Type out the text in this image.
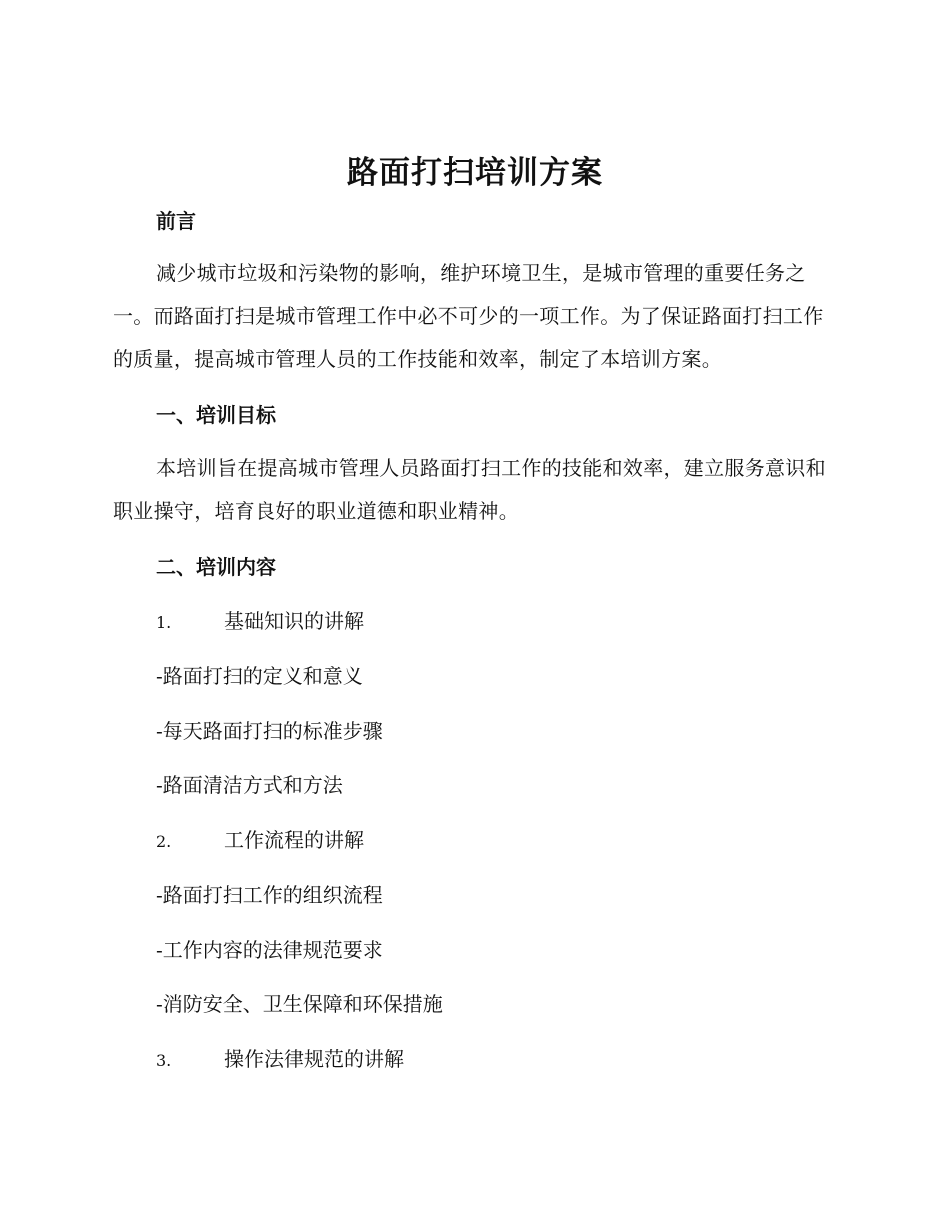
路面打扫培训方案
前言
减少城市垃圾和污染物的影响，维护环境卫生，是城市管理的重要任务之一。而路面打扫是城市管理工作中必不可少的一项工作。为了保证路面打扫工作的质量，提高城市管理人员的工作技能和效率，制定了本培训方案。
一、培训目标
本培训旨在提高城市管理人员路面打扫工作的技能和效率，建立服务意识和职业操守，培育良好的职业道德和职业精神。
二、培训内容
1.	基础知识的讲解
-路面打扫的定义和意义
-每天路面打扫的标准步骤
-路面清洁方式和方法
2.	工作流程的讲解
-路面打扫工作的组织流程
-工作内容的法律规范要求
-消防安全、卫生保障和环保措施
3.	操作法律规范的讲解
